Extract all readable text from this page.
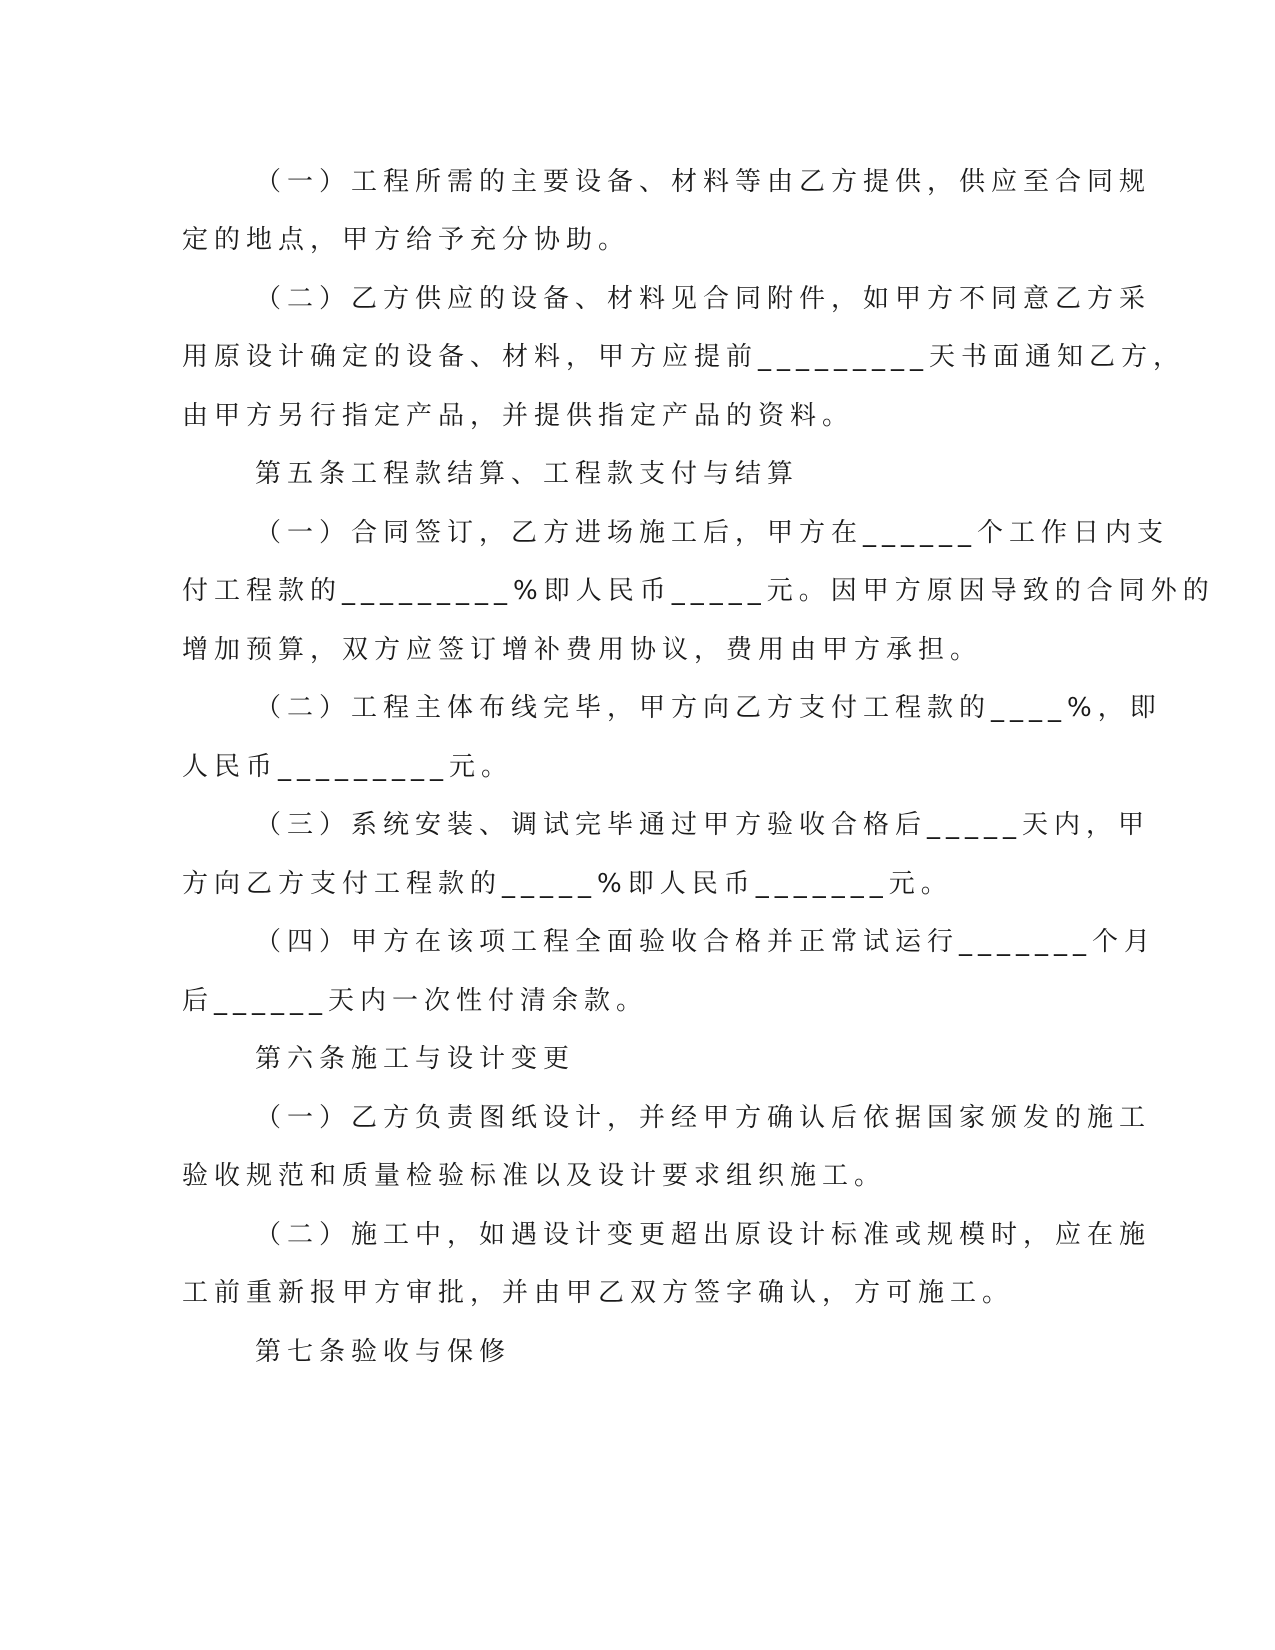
（一）工程所需的主要设备、材料等由乙方提供，供应至合同规
定的地点，甲方给予充分协助。
（二）乙方供应的设备、材料见合同附件，如甲方不同意乙方采
用原设计确定的设备、材料，甲方应提前_________天书面通知乙方，
由甲方另行指定产品，并提供指定产品的资料。
第五条工程款结算、工程款支付与结算
（一）合同签订，乙方进场施工后，甲方在______个工作日内支
付工程款的_________%即人民币_____元。因甲方原因导致的合同外的
增加预算，双方应签订增补费用协议，费用由甲方承担。
（二）工程主体布线完毕，甲方向乙方支付工程款的____%，即
人民币_________元。
（三）系统安装、调试完毕通过甲方验收合格后_____天内，甲
方向乙方支付工程款的_____%即人民币_______元。
（四）甲方在该项工程全面验收合格并正常试运行_______个月
后______天内一次性付清余款。
第六条施工与设计变更
（一）乙方负责图纸设计，并经甲方确认后依据国家颁发的施工
验收规范和质量检验标准以及设计要求组织施工。
（二）施工中，如遇设计变更超出原设计标准或规模时，应在施
工前重新报甲方审批，并由甲乙双方签字确认，方可施工。
第七条验收与保修
